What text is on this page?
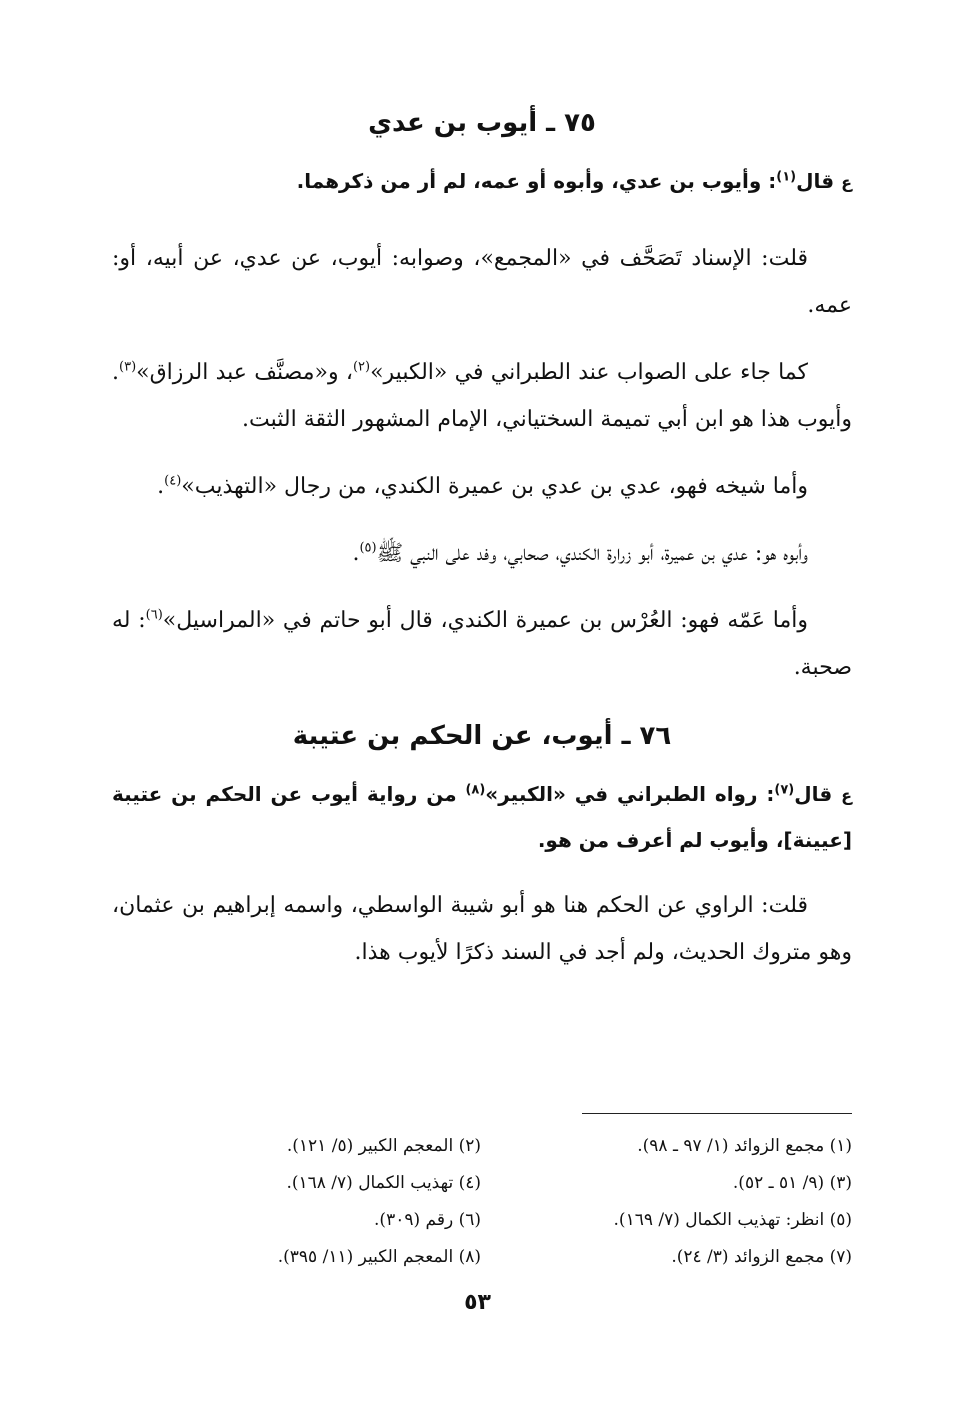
٧٥ ـ أيوب بن عدي
ع قال$^{(١)}$: وأيوب بن عدي، وأبوه أو عمه، لم أر من ذكرهما.

قلت: الإسناد تَصَحَّف في «المجمع»، وصوابه: أيوب، عن عدي، عن أبيه، أو: عمه.

كما جاء على الصواب عند الطبراني في «الكبير»$^{(٢)}$، و«مصنَّف عبد الرزاق»$^{(٣)}$. وأيوب هذا هو ابن أبي تميمة السختياني، الإمام المشهور الثقة الثبت.

وأما شيخه فهو، عدي بن عدي بن عميرة الكندي، من رجال «التهذيب»$^{(٤)}$.

وأبوه هو: عدي بن عميرة، أبو زرارة الكندي، صحابي، وفد على النبي ﷺ$^{(٥)}$.

وأما عَمّه فهو: العُرْس بن عميرة الكندي، قال أبو حاتم في «المراسيل»$^{(٦)}$: له صحبة.

٧٦ ـ أيوب، عن الحكم بن عتيبة
ع قال$^{(٧)}$: رواه الطبراني في «الكبير»$^{(٨)}$ من رواية أيوب عن الحكم بن عتيبة [عيينة]، وأيوب لم أعرف من هو.

قلت: الراوي عن الحكم هنا هو أبو شيبة الواسطي، واسمه إبراهيم بن عثمان، وهو متروك الحديث، ولم أجد في السند ذكرًا لأيوب هذا.

(١) مجمع الزوائد (١/ ٩٧ ـ ٩٨).
(٢) المعجم الكبير (٥/ ١٢١).
(٣) (٩/ ٥١ ـ ٥٢).
(٤) تهذيب الكمال (٧/ ١٦٨).
(٥) انظر: تهذيب الكمال (٧/ ١٦٩).
(٦) رقم (٣٠٩).
(٧) مجمع الزوائد (٣/ ٢٤).
(٨) المعجم الكبير (١١/ ٣٩٥).
٥٣
